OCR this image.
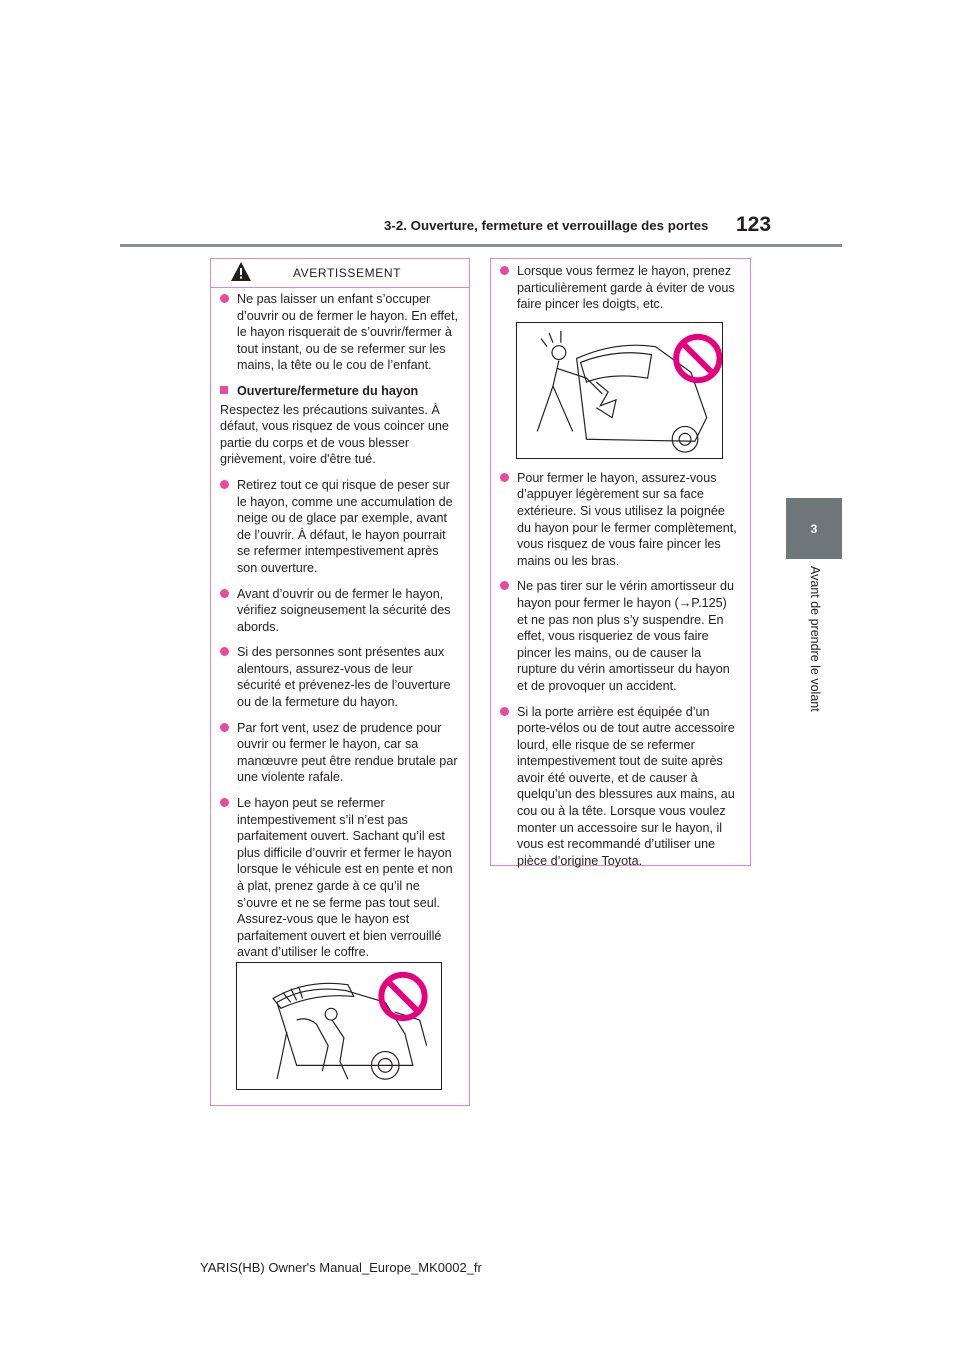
3-2. Ouverture, fermeture et verrouillage des portes 123
3
Avant de prendre le volant
AVERTISSEMENT
Ne pas laisser un enfant s’occuper d’ouvrir ou de fermer le hayon. En effet, le hayon risquerait de s’ouvrir/fermer à tout instant, ou de se refermer sur les mains, la tête ou le cou de l’enfant.
Ouverture/fermeture du hayon
Respectez les précautions suivantes. À défaut, vous risquez de vous coincer une partie du corps et de vous blesser grièvement, voire d'être tué.
Retirez tout ce qui risque de peser sur le hayon, comme une accumulation de neige ou de glace par exemple, avant de l’ouvrir. À défaut, le hayon pourrait se refermer intempestivement après son ouverture.
Avant d’ouvrir ou de fermer le hayon, vérifiez soigneusement la sécurité des abords.
Si des personnes sont présentes aux alentours, assurez-vous de leur sécurité et prévenez-les de l’ouverture ou de la fermeture du hayon.
Par fort vent, usez de prudence pour ouvrir ou fermer le hayon, car sa manœuvre peut être rendue brutale par une violente rafale.
Le hayon peut se refermer intempestivement s’il n’est pas parfaitement ouvert. Sachant qu’il est plus difficile d’ouvrir et fermer le hayon lorsque le véhicule est en pente et non à plat, prenez garde à ce qu’il ne s’ouvre et ne se ferme pas tout seul. Assurez-vous que le hayon est parfaitement ouvert et bien verrouillé avant d’utiliser le coffre.
Lorsque vous fermez le hayon, prenez particulièrement garde à éviter de vous faire pincer les doigts, etc.
Pour fermer le hayon, assurez-vous d’appuyer légèrement sur sa face extérieure. Si vous utilisez la poignée du hayon pour le fermer complètement, vous risquez de vous faire pincer les mains ou les bras.
Ne pas tirer sur le vérin amortisseur du hayon pour fermer le hayon (→P.125) et ne pas non plus s’y suspendre. En effet, vous risqueriez de vous faire pincer les mains, ou de causer la rupture du vérin amortisseur du hayon et de provoquer un accident.
Si la porte arrière est équipée d’un porte-vélos ou de tout autre accessoire lourd, elle risque de se refermer intempestivement tout de suite après avoir été ouverte, et de causer à quelqu’un des blessures aux mains, au cou ou à la tête. Lorsque vous voulez monter un accessoire sur le hayon, il vous est recommandé d’utiliser une pièce d’origine Toyota.
YARIS(HB) Owner's Manual_Europe_MK0002_fr
